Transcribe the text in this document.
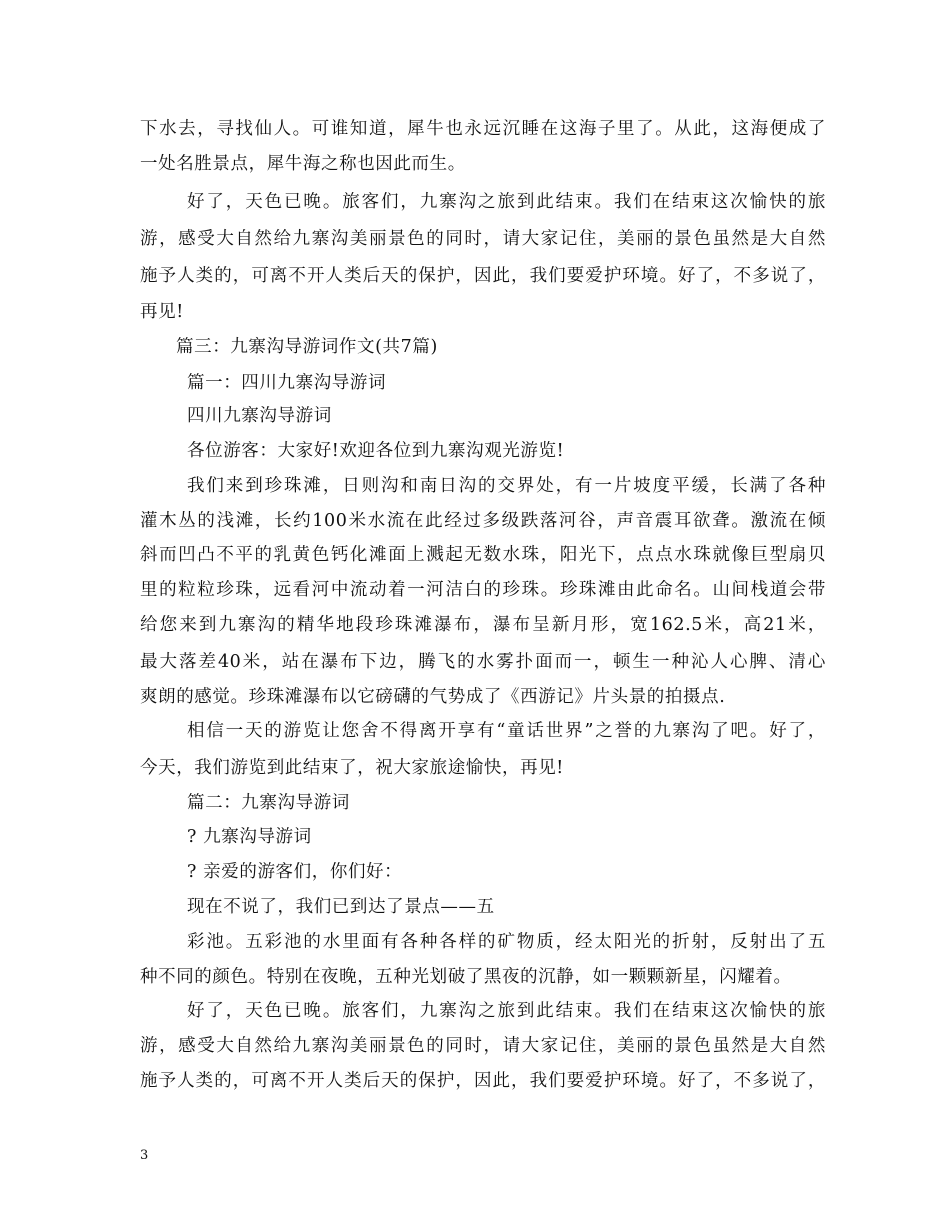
下水去，寻找仙人。可谁知道，犀牛也永远沉睡在这海子里了。从此，这海便成了
一处名胜景点，犀牛海之称也因此而生。
好了，天色已晚。旅客们，九寨沟之旅到此结束。我们在结束这次愉快的旅
游，感受大自然给九寨沟美丽景色的同时，请大家记住，美丽的景色虽然是大自然
施予人类的，可离不开人类后天的保护，因此，我们要爱护环境。好了，不多说了，
再见!
篇三：九寨沟导游词作文(共7篇)
篇一：四川九寨沟导游词
四川九寨沟导游词
各位游客：大家好!欢迎各位到九寨沟观光游览!
我们来到珍珠滩，日则沟和南日沟的交界处，有一片坡度平缓，长满了各种
灌木丛的浅滩，长约100米水流在此经过多级跌落河谷，声音震耳欲聋。激流在倾
斜而凹凸不平的乳黄色钙化滩面上溅起无数水珠，阳光下，点点水珠就像巨型扇贝
里的粒粒珍珠，远看河中流动着一河洁白的珍珠。珍珠滩由此命名。山间栈道会带
给您来到九寨沟的精华地段珍珠滩瀑布，瀑布呈新月形，宽162.5米，高21米，
最大落差40米，站在瀑布下边，腾飞的水雾扑面而一，顿生一种沁人心脾、清心
爽朗的感觉。珍珠滩瀑布以它磅礴的气势成了《西游记》片头景的拍摄点.
相信一天的游览让您舍不得离开享有“童话世界”之誉的九寨沟了吧。好了，
今天，我们游览到此结束了，祝大家旅途愉快，再见!
篇二：九寨沟导游词
? 九寨沟导游词
? 亲爱的游客们，你们好：
现在不说了，我们已到达了景点——五
彩池。五彩池的水里面有各种各样的矿物质，经太阳光的折射，反射出了五
种不同的颜色。特别在夜晚，五种光划破了黑夜的沉静，如一颗颗新星，闪耀着。
好了，天色已晚。旅客们，九寨沟之旅到此结束。我们在结束这次愉快的旅
游，感受大自然给九寨沟美丽景色的同时，请大家记住，美丽的景色虽然是大自然
施予人类的，可离不开人类后天的保护，因此，我们要爱护环境。好了，不多说了，
3
